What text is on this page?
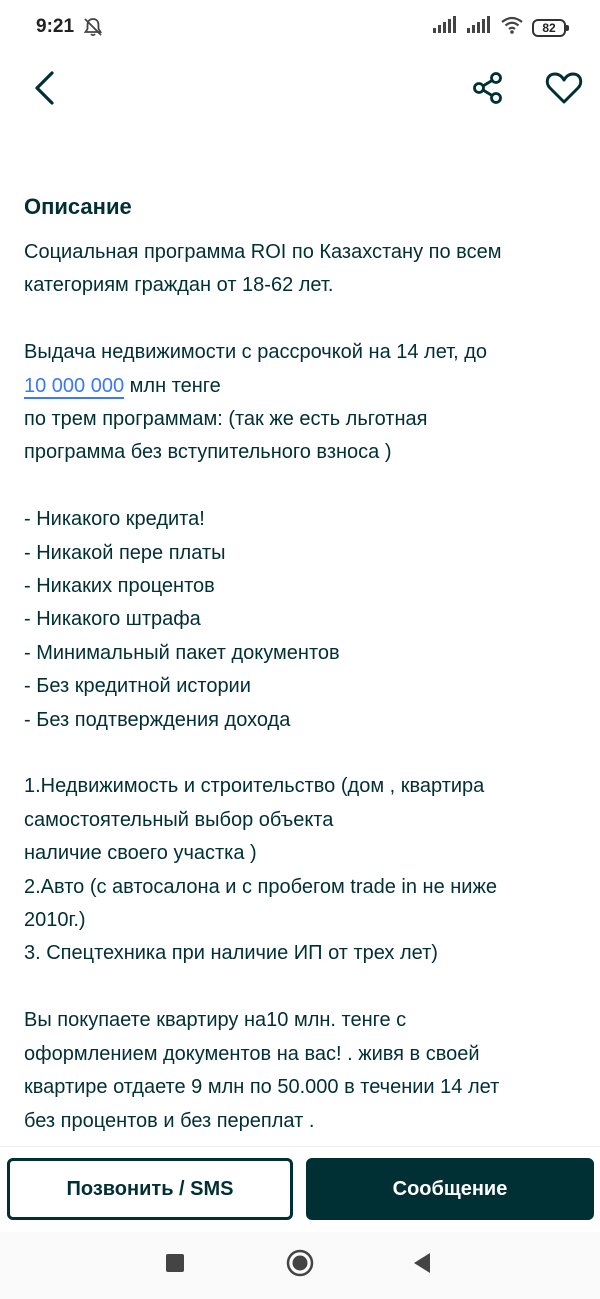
9:21	82
Описание
Социальная программа ROI по Казахстану по всем
категориям граждан от 18-62 лет.
Выдача недвижимости с рассрочкой на 14 лет, до
10 000 000 млн тенге
по трем программам: (так же есть льготная
программа без вступительного взноса )
- Никакого кредита!
- Никакой пере платы
- Никаких процентов
- Никакого штрафа
- Минимальный пакет документов
- Без кредитной истории
- Без подтверждения дохода
1.Недвижимость и строительство (дом , квартира
самостоятельный выбор объекта
наличие своего участка )
2.Авто (с автосалона и с пробегом trade in не ниже
2010г.)
3. Спецтехника при наличие ИП от трех лет)
Вы покупаете квартиру на10 млн. тенге с
оформлением документов на вас! . живя в своей
квартире отдаете 9 млн по 50.000 в течении 14 лет
без процентов и без переплат .
Позвонить / SMS	Сообщение
